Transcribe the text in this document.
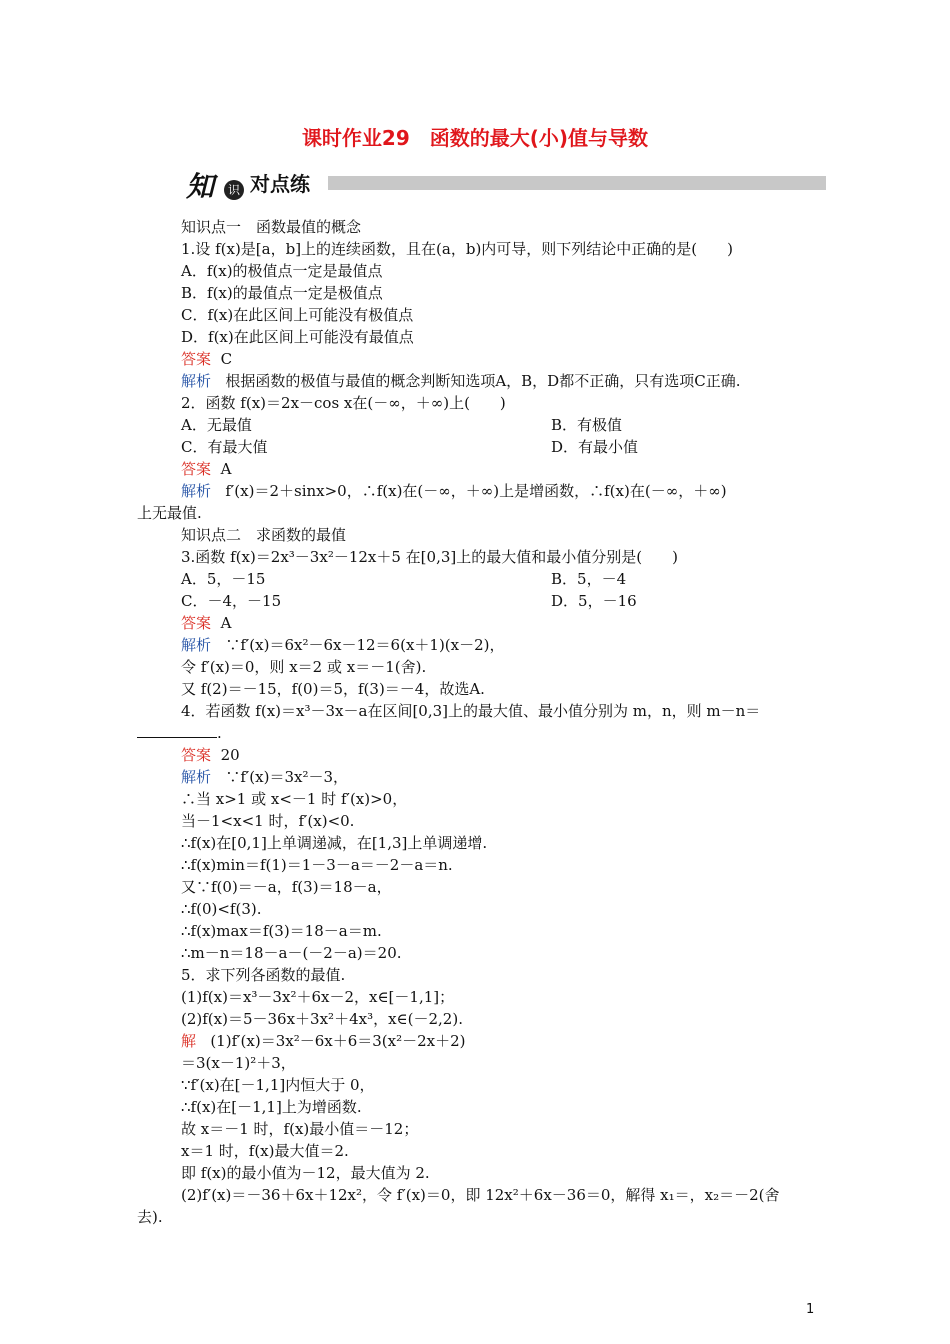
课时作业29　函数的最大(小)值与导数
知	识 对点练
知识点一　函数最值的概念
1.设 f(x)是[a，b]上的连续函数，且在(a，b)内可导，则下列结论中正确的是(　　)
A．f(x)的极值点一定是最值点
B．f(x)的最值点一定是极值点
C．f(x)在此区间上可能没有极值点
D．f(x)在此区间上可能没有最值点
答案 C
解析 根据函数的极值与最值的概念判断知选项A，B，D都不正确，只有选项C正确.
2．函数 f(x)＝2x－cos x在(－∞，＋∞)上(　　)
A．无最值	B．有极值
C．有最大值	D．有最小值
答案 A
解析 f′(x)＝2＋sinx>0，∴f(x)在(－∞，＋∞)上是增函数，∴f(x)在(－∞，＋∞)
上无最值.
知识点二　求函数的最值
3.函数 f(x)＝2x³－3x²－12x＋5 在[0,3]上的最大值和最小值分别是(　　)
A．5，－15	B．5，－4
C．－4，－15	D．5，－16
答案 A
解析 ∵f′(x)＝6x²－6x－12＝6(x＋1)(x－2)，
令 f′(x)＝0，则 x＝2 或 x＝－1(舍).
又 f(2)＝－15，f(0)＝5，f(3)＝－4，故选A.
4．若函数 f(x)＝x³－3x－a在区间[0,3]上的最大值、最小值分别为 m，n，则 m－n＝
.
答案 20
解析 ∵f′(x)＝3x²－3，
∴当 x>1 或 x<－1 时 f′(x)>0，
当－1<x<1 时，f′(x)<0.
∴f(x)在[0,1]上单调递减，在[1,3]上单调递增.
∴f(x)min＝f(1)＝1－3－a＝－2－a＝n.
又∵f(0)＝－a，f(3)＝18－a，
∴f(0)<f(3).
∴f(x)max＝f(3)＝18－a＝m.
∴m－n＝18－a－(－2－a)＝20.
5．求下列各函数的最值.
(1)f(x)＝x³－3x²＋6x－2，x∈[－1,1]；
(2)f(x)＝5－36x＋3x²＋4x³，x∈(－2,2).
解 (1)f′(x)＝3x²－6x＋6＝3(x²－2x＋2)
＝3(x－1)²＋3，
∵f′(x)在[－1,1]内恒大于 0，
∴f(x)在[－1,1]上为增函数.
故 x＝－1 时，f(x)最小值＝－12；
x＝1 时，f(x)最大值＝2.
即 f(x)的最小值为－12，最大值为 2.
(2)f′(x)＝－36＋6x＋12x²，令 f′(x)＝0，即 12x²＋6x－36＝0，解得 x₁＝，x₂＝－2(舍
去).
1
